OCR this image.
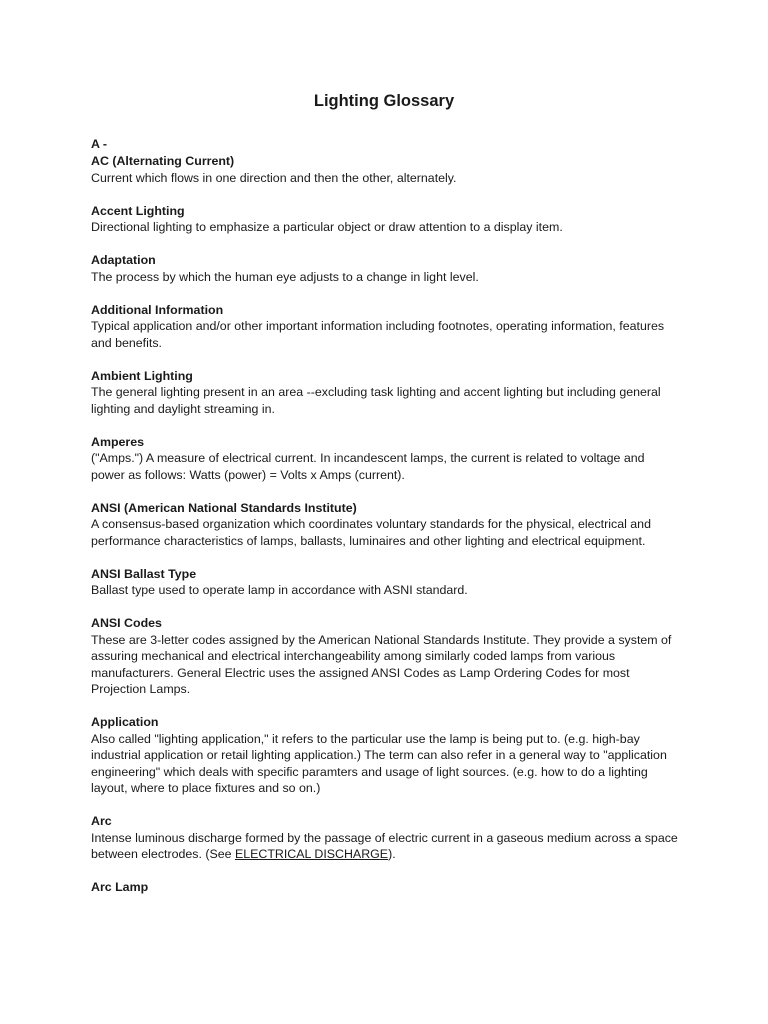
Lighting Glossary

A -

AC (Alternating Current)

Current which flows in one direction and then the other, alternately.

Accent Lighting

Directional lighting to emphasize a particular object or draw attention to a display item.

Adaptation

The process by which the human eye adjusts to a change in light level.

Additional Information

Typical application and/or other important information including footnotes, operating information, features and benefits.

Ambient Lighting

The general lighting present in an area --excluding task lighting and accent lighting but including general lighting and daylight streaming in.

Amperes

("Amps.") A measure of electrical current. In incandescent lamps, the current is related to voltage and power as follows: Watts (power) = Volts x Amps (current).

ANSI (American National Standards Institute)

A consensus-based organization which coordinates voluntary standards for the physical, electrical and performance characteristics of lamps, ballasts, luminaires and other lighting and electrical equipment.

ANSI Ballast Type

Ballast type used to operate lamp in accordance with ASNI standard.

ANSI Codes

These are 3-letter codes assigned by the American National Standards Institute. They provide a system of assuring mechanical and electrical interchangeability among similarly coded lamps from various manufacturers. General Electric uses the assigned ANSI Codes as Lamp Ordering Codes for most Projection Lamps.

Application

Also called "lighting application," it refers to the particular use the lamp is being put to. (e.g. high-bay industrial application or retail lighting application.) The term can also refer in a general way to "application engineering" which deals with specific paramters and usage of light sources. (e.g. how to do a lighting layout, where to place fixtures and so on.)

Arc

Intense luminous discharge formed by the passage of electric current in a gaseous medium across a space between electrodes. (See ELECTRICAL DISCHARGE).

Arc Lamp
